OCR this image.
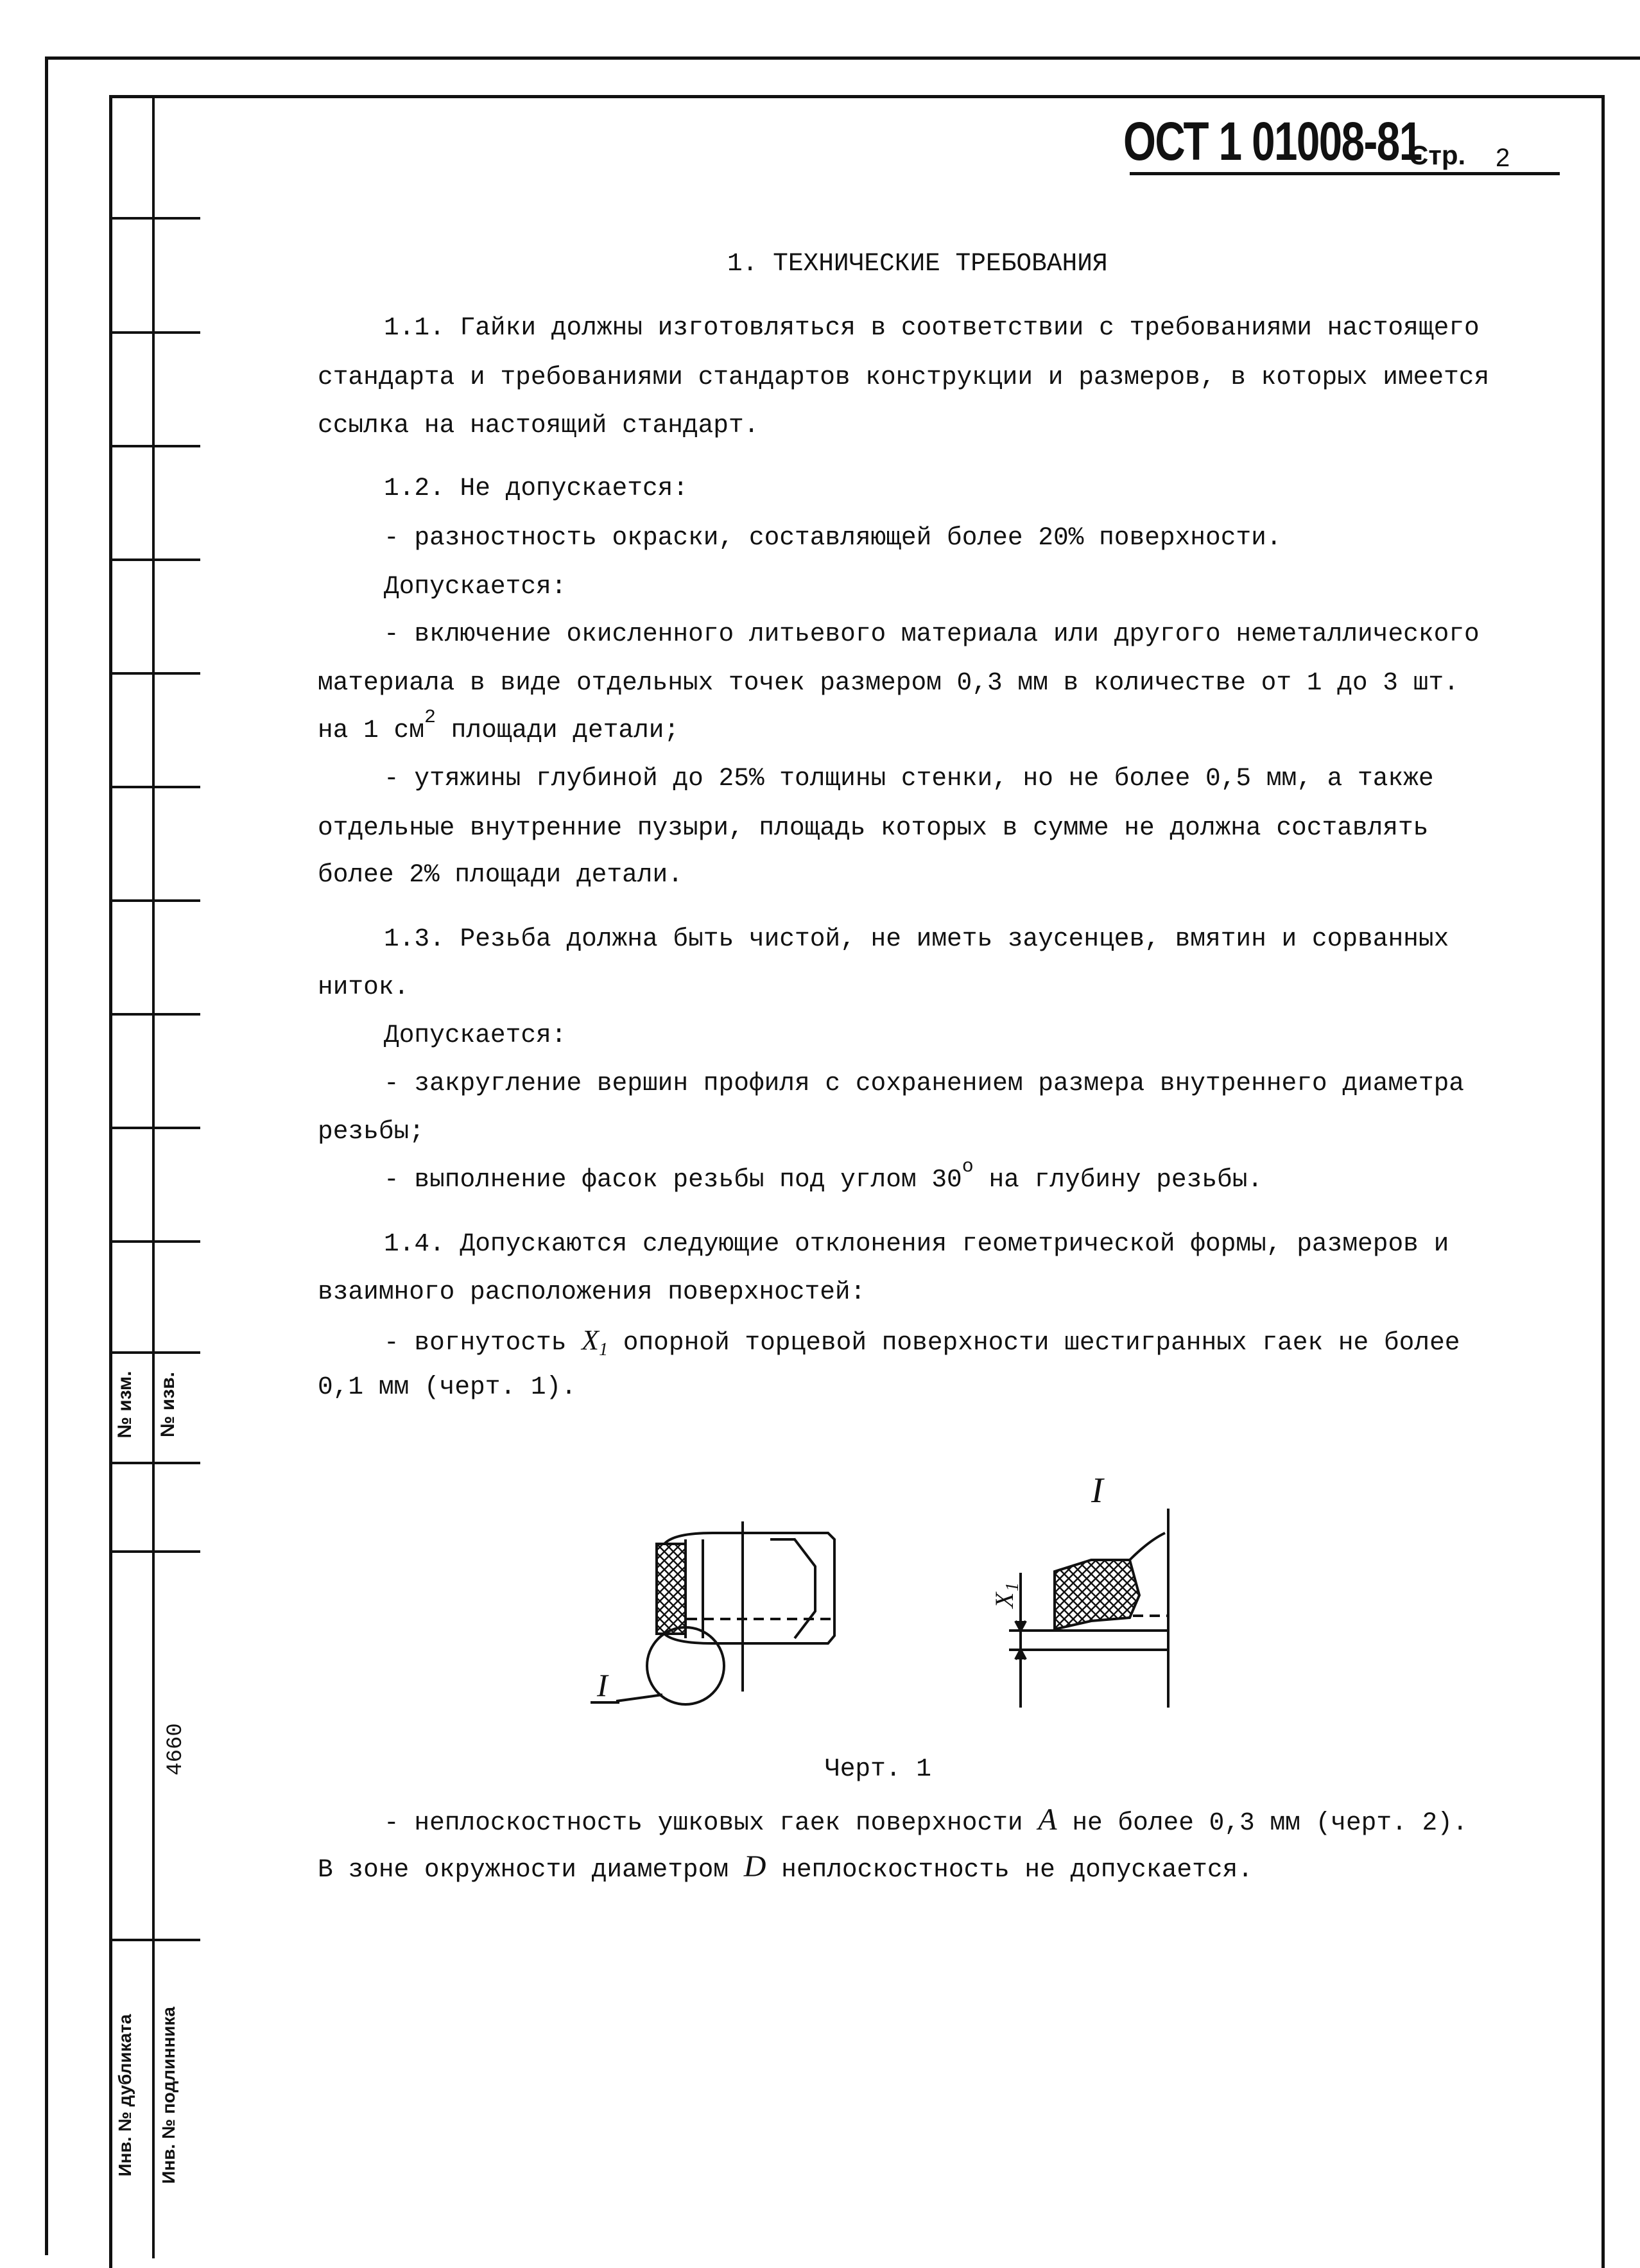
№ изм. № изв.
4660
Инв. № дубликата Инв. № подлинника
ОСТ 1 01008-81
Стр. 2
1. ТЕХНИЧЕСКИЕ ТРЕБОВАНИЯ
1.1. Гайки должны изготовляться в соответствии с требованиями настоящего
стандарта и требованиями стандартов конструкции и размеров, в которых имеется
ссылка на настоящий стандарт.
1.2. Не допускается:
- разностность окраски, составляющей более 20% поверхности.
Допускается:
- включение окисленного литьевого материала или другого неметаллического
материала в виде отдельных точек размером 0,3 мм в количестве от 1 до 3 шт.
на 1 $см^2$ площади детали;
- утяжины глубиной до 25% толщины стенки, но не более 0,5 мм, а также
отдельные внутренние пузыри, площадь которых в сумме не должна составлять
более 2% площади детали.
1.3. Резьба должна быть чистой, не иметь заусенцев, вмятин и сорванных
ниток.
Допускается:
- закругление вершин профиля с сохранением размера внутреннего диаметра
резьбы;
- выполнение фасок резьбы под углом 30$^o$ на глубину резьбы.
1.4. Допускаются следующие отклонения геометрической формы, размеров и
взаимного расположения поверхностей:
- вогнутость $X_1$ опорной торцевой поверхности шестигранных гаек не более
0,1 мм (черт. 1).
Черт. 1
- неплоскостность ушковых гаек поверхности A не более 0,3 мм (черт. 2).
В зоне окружности диаметром D неплоскостность не допускается.
I
I
X
1
